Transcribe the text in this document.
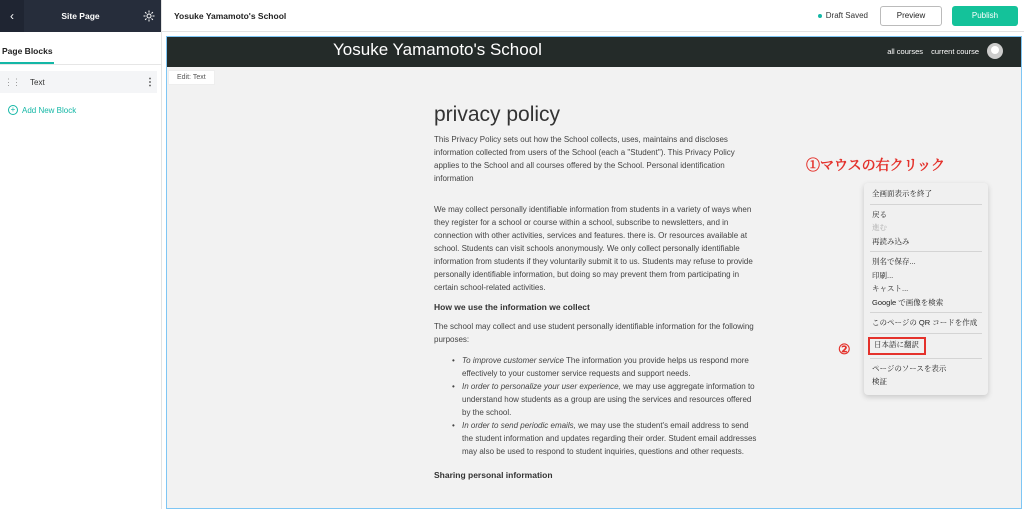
‹	Site Page
Page Blocks
⋮⋮	Text	⋮
+ Add New Block
Yosuke Yamamoto's School	Draft Saved	Preview	Publish
Yosuke Yamamoto's School	all courses current course
Edit: Text
privacy policy
This Privacy Policy sets out how the School collects, uses, maintains and discloses information collected from users of the School (each a "Student"). This Privacy Policy applies to the School and all courses offered by the School. Personal identification information
We may collect personally identifiable information from students in a variety of ways when they register for a school or course within a school, subscribe to newsletters, and in connection with other activities, services and features. there is. Or resources available at school. Students can visit schools anonymously. We only collect personally identifiable information from students if they voluntarily submit it to us. Students may refuse to provide personally identifiable information, but doing so may prevent them from participating in certain school-related activities.
How we use the information we collect
The school may collect and use student personally identifiable information for the following purposes:
• To improve customer service The information you provide helps us respond more effectively to your customer service requests and support needs.
• In order to personalize your user experience, we may use aggregate information to understand how students as a group are using the services and resources offered by the school.
• In order to send periodic emails, we may use the student's email address to send the student information and updates regarding their order. Student email addresses may also be used to respond to student inquiries, questions and other requests.
Sharing personal information
①マウスの右クリック
②
全画面表示を終了
戻る
進む
再読み込み
別名で保存...
印刷...
キャスト...
Google で画像を検索
このページの QR コードを作成
日本語に翻訳
ページのソースを表示
検証
